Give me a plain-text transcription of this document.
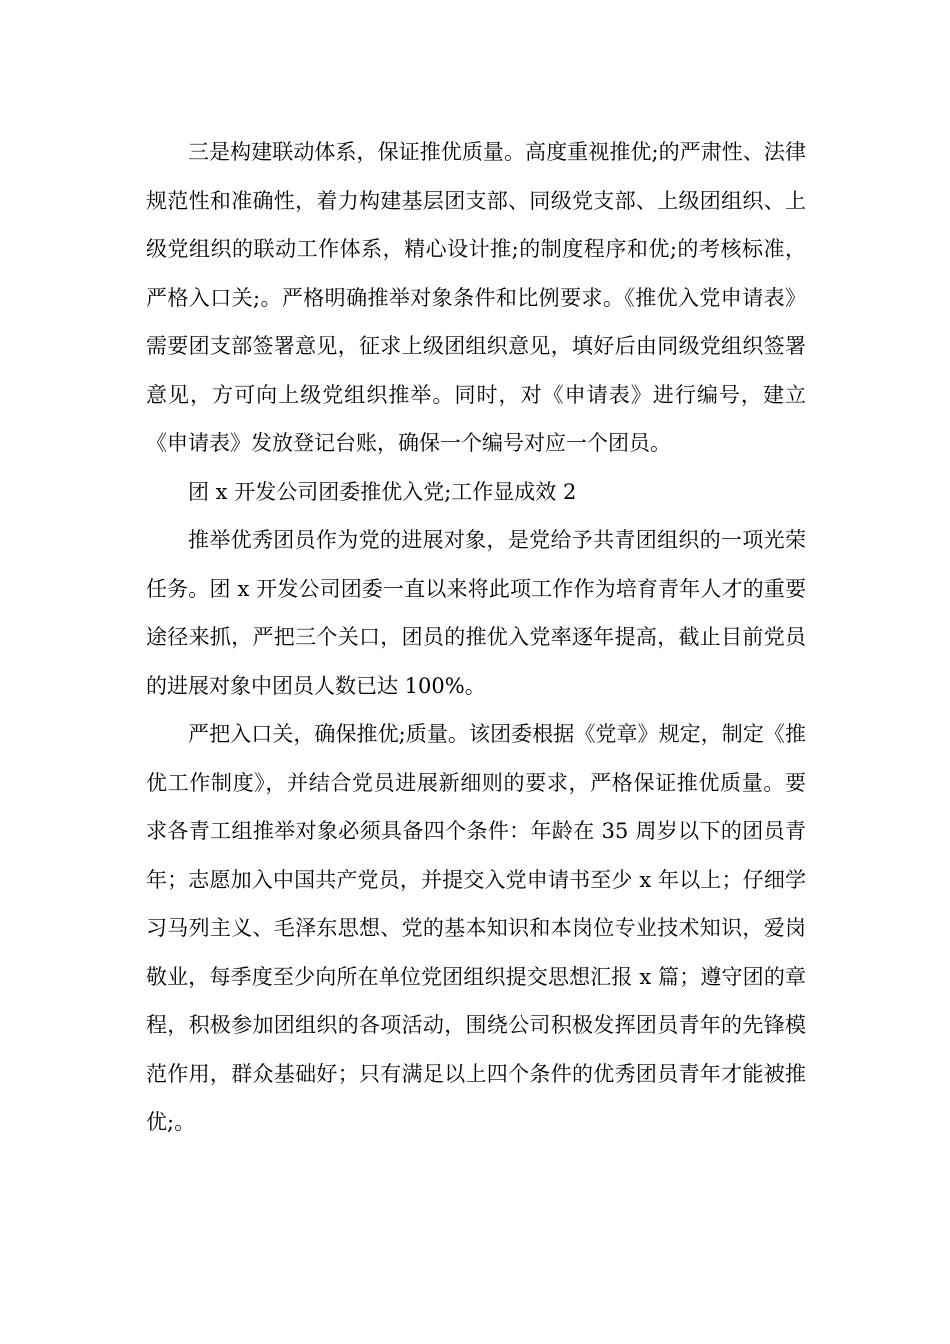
三是构建联动体系，保证推优质量。高度重视推优;的严肃性、法律规范性和准确性，着力构建基层团支部、同级党支部、上级团组织、上级党组织的联动工作体系，精心设计推;的制度程序和优;的考核标准，严格入口关;。严格明确推举对象条件和比例要求。《推优入党申请表》需要团支部签署意见，征求上级团组织意见，填好后由同级党组织签署意见，方可向上级党组织推举。同时，对《申请表》进行编号，建立《申请表》发放登记台账，确保一个编号对应一个团员。

团 x 开发公司团委推优入党;工作显成效 2

推举优秀团员作为党的进展对象，是党给予共青团组织的一项光荣任务。团 x 开发公司团委一直以来将此项工作作为培育青年人才的重要途径来抓，严把三个关口，团员的推优入党率逐年提高，截止目前党员的进展对象中团员人数已达 100%。

严把入口关，确保推优;质量。该团委根据《党章》规定，制定《推优工作制度》，并结合党员进展新细则的要求，严格保证推优质量。要求各青工组推举对象必须具备四个条件：年龄在 35 周岁以下的团员青年；志愿加入中国共产党员，并提交入党申请书至少 x 年以上；仔细学习马列主义、毛泽东思想、党的基本知识和本岗位专业技术知识，爱岗敬业，每季度至少向所在单位党团组织提交思想汇报 x 篇；遵守团的章程，积极参加团组织的各项活动，围绕公司积极发挥团员青年的先锋模范作用，群众基础好；只有满足以上四个条件的优秀团员青年才能被推优;。
